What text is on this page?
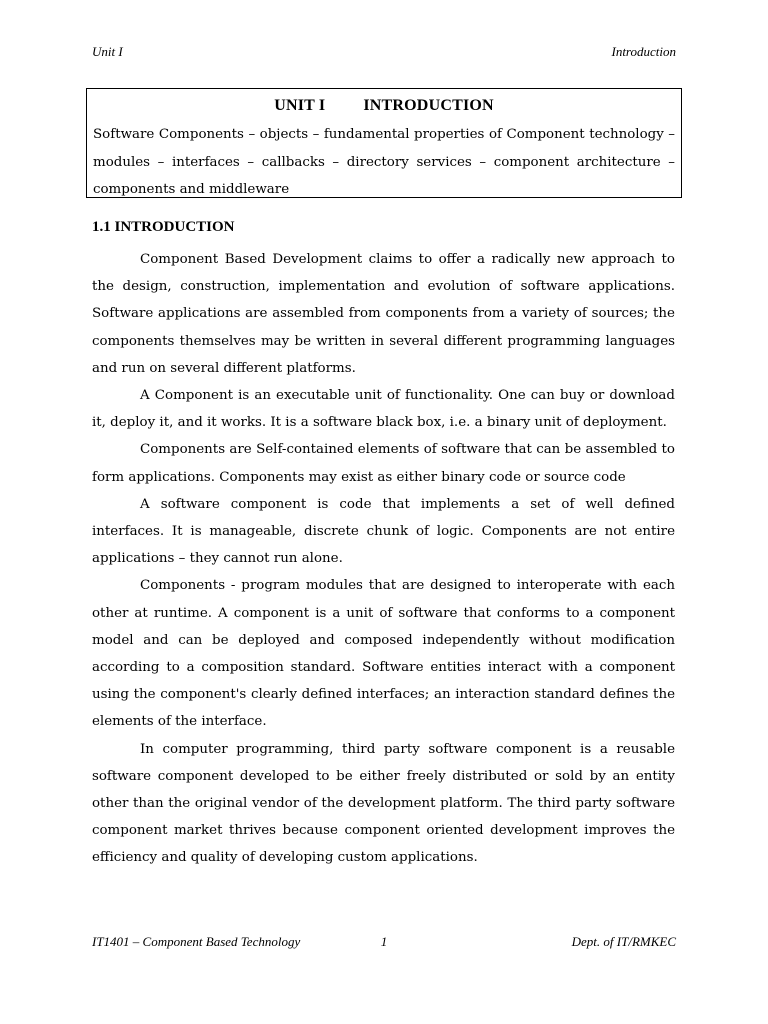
Unit I	Introduction
UNIT I INTRODUCTION
Software Components – objects – fundamental properties of Component technology – modules – interfaces – callbacks – directory services – component architecture – components and middleware
1.1 INTRODUCTION

Component Based Development claims to offer a radically new approach to the design, construction, implementation and evolution of software applications. Software applications are assembled from components from a variety of sources; the components themselves may be written in several different programming languages and run on several different platforms.

A Component is an executable unit of functionality. One can buy or download it, deploy it, and it works. It is a software black box, i.e. a binary unit of deployment.

Components are Self-contained elements of software that can be assembled to form applications. Components may exist as either binary code or source code

A software component is code that implements a set of well defined interfaces. It is manageable, discrete chunk of logic. Components are not entire applications – they cannot run alone.

Components - program modules that are designed to interoperate with each other at runtime. A component is a unit of software that conforms to a component model and can be deployed and composed independently without modification according to a composition standard. Software entities interact with a component using the component's clearly defined interfaces; an interaction standard defines the elements of the interface.

In computer programming, third party software component is a reusable software component developed to be either freely distributed or sold by an entity other than the original vendor of the development platform. The third party software component market thrives because component oriented development improves the efficiency and quality of developing custom applications.

IT1401 – Component Based Technology	1	Dept. of IT/RMKEC
